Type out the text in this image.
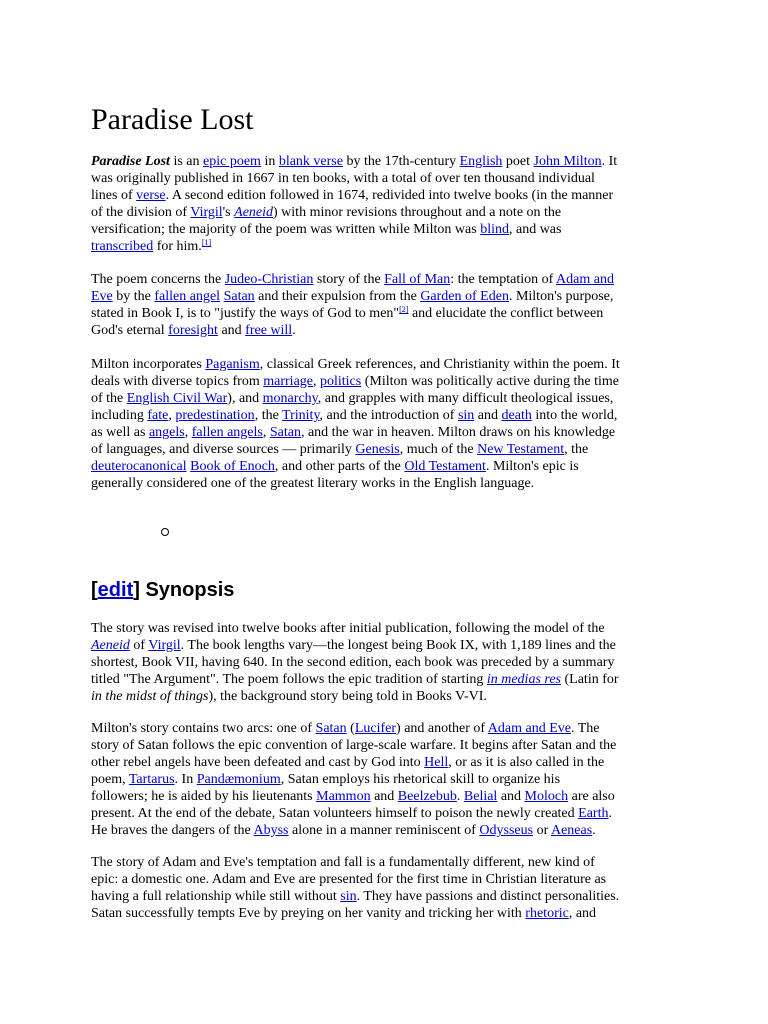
Paradise Lost

Paradise Lost is an epic poem in blank verse by the 17th-century English poet John Milton. It
was originally published in 1667 in ten books, with a total of over ten thousand individual
lines of verse. A second edition followed in 1674, redivided into twelve books (in the manner
of the division of Virgil's Aeneid) with minor revisions throughout and a note on the
versification; the majority of the poem was written while Milton was blind, and was
transcribed for him.[1]

The poem concerns the Judeo-Christian story of the Fall of Man: the temptation of Adam and
Eve by the fallen angel Satan and their expulsion from the Garden of Eden. Milton's purpose,
stated in Book I, is to "justify the ways of God to men"[2] and elucidate the conflict between
God's eternal foresight and free will.

Milton incorporates Paganism, classical Greek references, and Christianity within the poem. It
deals with diverse topics from marriage, politics (Milton was politically active during the time
of the English Civil War), and monarchy, and grapples with many difficult theological issues,
including fate, predestination, the Trinity, and the introduction of sin and death into the world,
as well as angels, fallen angels, Satan, and the war in heaven. Milton draws on his knowledge
of languages, and diverse sources — primarily Genesis, much of the New Testament, the
deuterocanonical Book of Enoch, and other parts of the Old Testament. Milton's epic is
generally considered one of the greatest literary works in the English language.

[edit] Synopsis

The story was revised into twelve books after initial publication, following the model of the
Aeneid of Virgil. The book lengths vary—the longest being Book IX, with 1,189 lines and the
shortest, Book VII, having 640. In the second edition, each book was preceded by a summary
titled "The Argument". The poem follows the epic tradition of starting in medias res (Latin for
in the midst of things), the background story being told in Books V-VI.

Milton's story contains two arcs: one of Satan (Lucifer) and another of Adam and Eve. The
story of Satan follows the epic convention of large-scale warfare. It begins after Satan and the
other rebel angels have been defeated and cast by God into Hell, or as it is also called in the
poem, Tartarus. In Pandæmonium, Satan employs his rhetorical skill to organize his
followers; he is aided by his lieutenants Mammon and Beelzebub. Belial and Moloch are also
present. At the end of the debate, Satan volunteers himself to poison the newly created Earth.
He braves the dangers of the Abyss alone in a manner reminiscent of Odysseus or Aeneas.

The story of Adam and Eve's temptation and fall is a fundamentally different, new kind of
epic: a domestic one. Adam and Eve are presented for the first time in Christian literature as
having a full relationship while still without sin. They have passions and distinct personalities.
Satan successfully tempts Eve by preying on her vanity and tricking her with rhetoric, and
